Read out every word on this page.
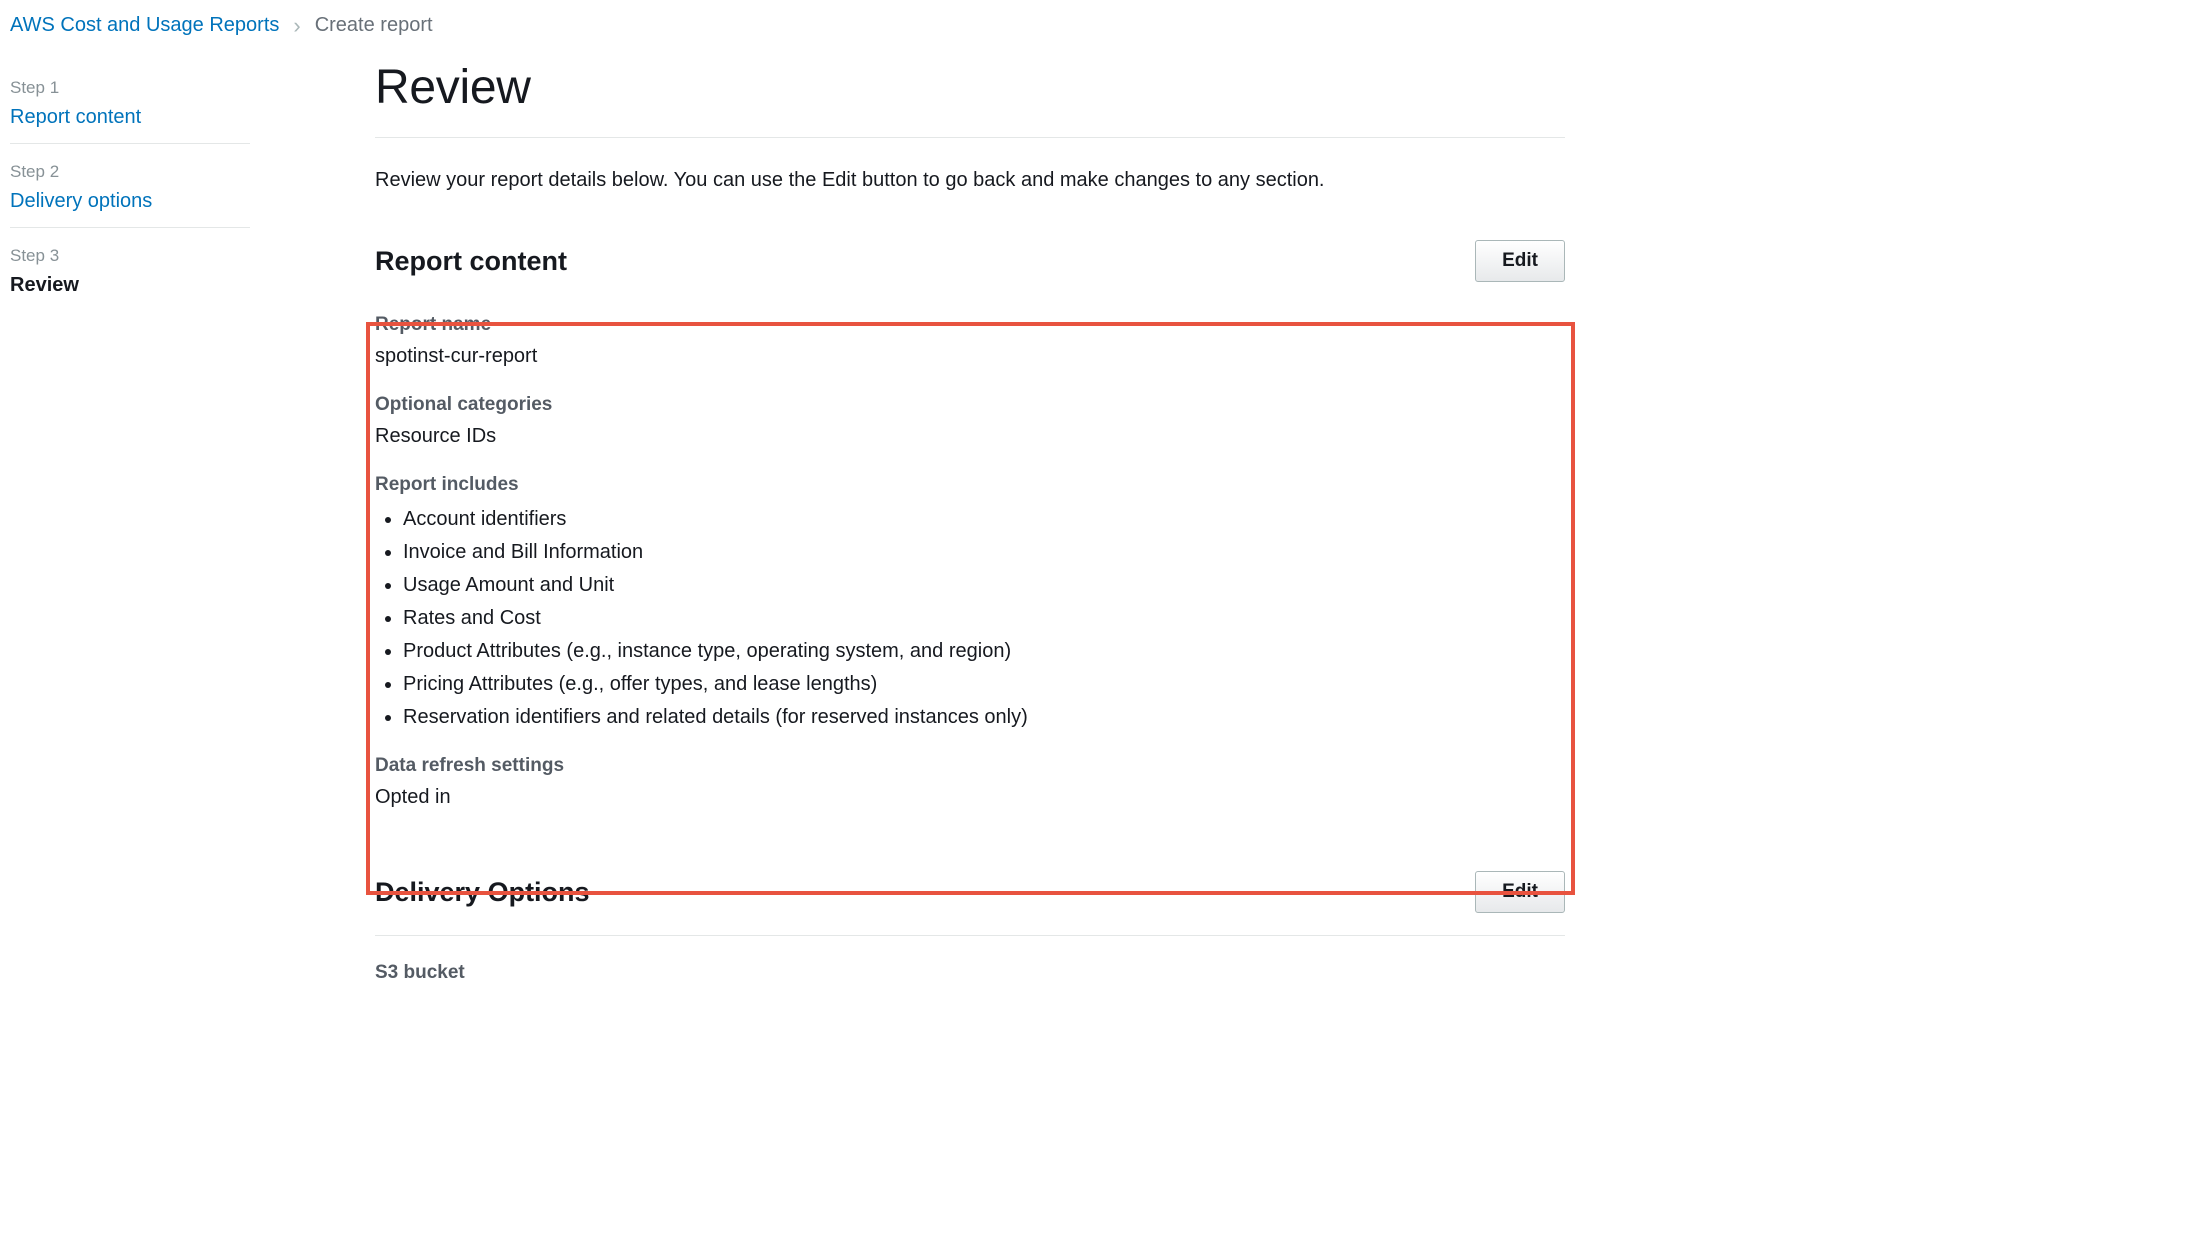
AWS Cost and Usage Reports › Create report
Step 1
Report content
Step 2
Delivery options
Step 3
Review
Review
Review your report details below. You can use the Edit button to go back and make changes to any section.
Report content	Edit
Report name
spotinst-cur-report
Optional categories
Resource IDs
Report includes
• Account identifiers
• Invoice and Bill Information
• Usage Amount and Unit
• Rates and Cost
• Product Attributes (e.g., instance type, operating system, and region)
• Pricing Attributes (e.g., offer types, and lease lengths)
• Reservation identifiers and related details (for reserved instances only)
Data refresh settings
Opted in
Delivery Options	Edit
S3 bucket
